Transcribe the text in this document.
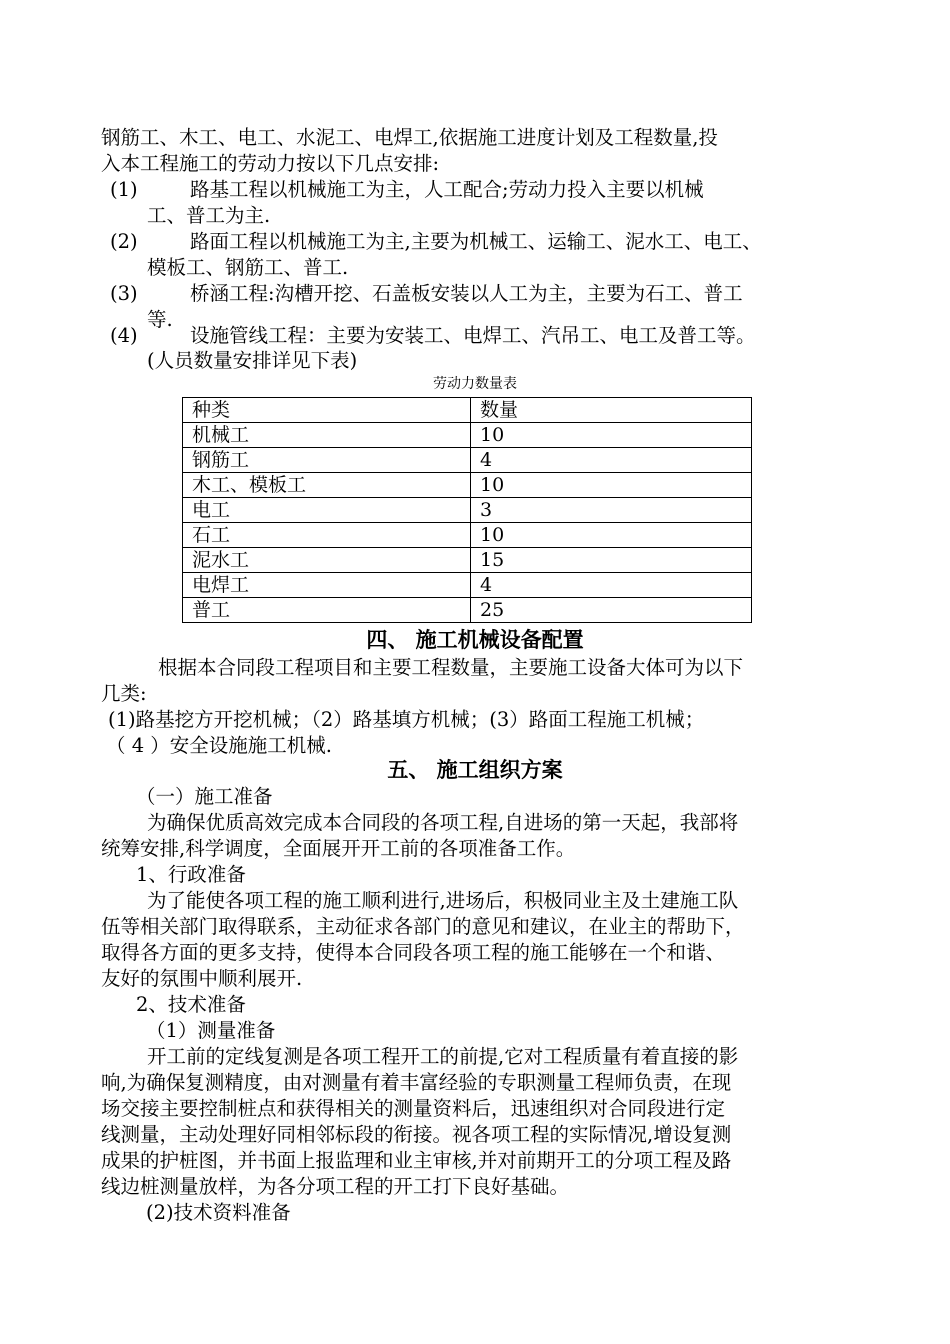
钢筋工、木工、电工、水泥工、电焊工,依据施工进度计划及工程数量,投
入本工程施工的劳动力按以下几点安排:
(1)	路基工程以机械施工为主，人工配合;劳动力投入主要以机械
工、普工为主.
(2)	路面工程以机械施工为主,主要为机械工、运输工、泥水工、电工、
模板工、钢筋工、普工.
(3)	桥涵工程:沟槽开挖、石盖板安装以人工为主，主要为石工、普工
等.
(4)	设施管线工程：主要为安装工、电焊工、汽吊工、电工及普工等。
(人员数量安排详见下表)
劳动力数量表
种类	数量
机械工	10
钢筋工	4
木工、模板工	10
电工	3
石工	10
泥水工	15
电焊工	4
普工	25
四、 施工机械设备配置
根据本合同段工程项目和主要工程数量，主要施工设备大体可为以下
几类:
(1)路基挖方开挖机械；（2）路基填方机械；(3）路面工程施工机械；
（ 4 ）安全设施施工机械.
五、 施工组织方案
（一）施工准备
为确保优质高效完成本合同段的各项工程,自进场的第一天起，我部将
统筹安排,科学调度，全面展开开工前的各项准备工作。
1、行政准备
为了能使各项工程的施工顺利进行,进场后，积极同业主及土建施工队
伍等相关部门取得联系，主动征求各部门的意见和建议，在业主的帮助下，
取得各方面的更多支持，使得本合同段各项工程的施工能够在一个和谐、
友好的氛围中顺利展开.
2、技术准备
（1）测量准备
开工前的定线复测是各项工程开工的前提,它对工程质量有着直接的影
响,为确保复测精度，由对测量有着丰富经验的专职测量工程师负责，在现
场交接主要控制桩点和获得相关的测量资料后，迅速组织对合同段进行定
线测量，主动处理好同相邻标段的衔接。视各项工程的实际情况,增设复测
成果的护桩图，并书面上报监理和业主审核,并对前期开工的分项工程及路
线边桩测量放样，为各分项工程的开工打下良好基础。
(2)技术资料准备
